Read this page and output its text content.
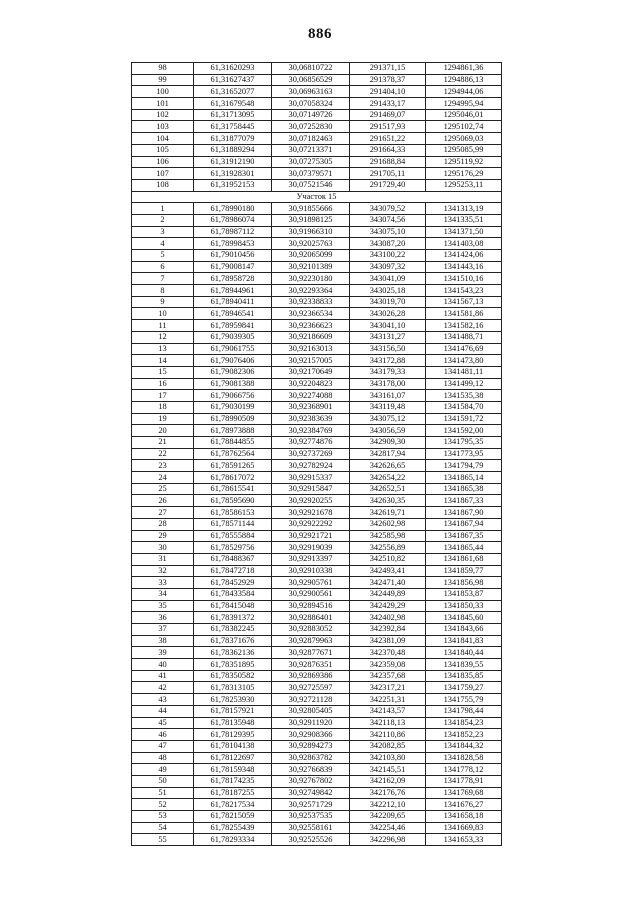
886
98	61,31620293	30,06810722	291371,15	1294861,36
99	61,31627437	30,06856529	291378,37	1294886,13
100	61,31652077	30,06963163	291404,10	1294944,06
101	61,31679548	30,07058324	291433,17	1294995,94
102	61,31713095	30,07149726	291469,07	1295046,01
103	61,31758445	30,07252830	291517,93	1295102,74
104	61,31877079	30,07182463	291651,22	1295069,03
105	61,31889294	30,07213371	291664,33	1295085,99
106	61,31912190	30,07275305	291688,84	1295119,92
107	61,31928301	30,07379571	291705,11	1295176,29
108	61,31952153	30,07521546	291729,40	1295253,11
Участок 15				
1	61,78990180	30,91855666	343079,52	1341313,19
2	61,78986074	30,91898125	343074,56	1341335,51
3	61,78987112	30,91966310	343075,10	1341371,50
4	61,78998453	30,92025763	343087,20	1341403,08
5	61,79010456	30,92065099	343100,22	1341424,06
6	61,79008147	30,92101389	343097,32	1341443,16
7	61,78958728	30,92230180	343041,09	1341510,16
8	61,78944961	30,92293364	343025,18	1341543,23
9	61,78940411	30,92338833	343019,70	1341567,13
10	61,78946541	30,92366534	343026,28	1341581,86
11	61,78959841	30,92366623	343041,10	1341582,16
12	61,79039305	30,92186609	343131,27	1341488,71
13	61,79061755	30,92163013	343156,50	1341476,69
14	61,79076406	30,92157005	343172,88	1341473,80
15	61,79082306	30,92170649	343179,33	1341481,11
16	61,79081388	30,92204823	343178,00	1341499,12
17	61,79066756	30,92274088	343161,07	1341535,38
18	61,79030199	30,92368901	343119,48	1341584,70
19	61,78990509	30,92383639	343075,12	1341591,72
20	61,78973888	30,92384769	343056,59	1341592,00
21	61,78844855	30,92774876	342909,30	1341795,35
22	61,78762564	30,92737269	342817,94	1341773,95
23	61,78591265	30,92782924	342626,65	1341794,79
24	61,78617072	30,92915337	342654,22	1341865,14
25	61,78615541	30,92915847	342652,51	1341865,38
26	61,78595690	30,92920255	342630,35	1341867,33
27	61,78586153	30,92921678	342619,71	1341867,90
28	61,78571144	30,92922292	342602,98	1341867,94
29	61,78555884	30,92921721	342585,98	1341867,35
30	61,78529756	30,92919039	342556,89	1341865,44
31	61,78488367	30,92913397	342510,82	1341861,68
32	61,78472718	30,92910338	342493,41	1341859,77
33	61,78452929	30,92905761	342471,40	1341856,98
34	61,78433584	30,92900561	342449,89	1341853,87
35	61,78415048	30,92894516	342429,29	1341850,33
36	61,78391372	30,92886401	342402,98	1341845,60
37	61,78382245	30,92883052	342392,84	1341843,66
38	61,78371676	30,92879963	342381,09	1341841,83
39	61,78362136	30,92877671	342370,48	1341840,44
40	61,78351895	30,92876351	342359,08	1341839,55
41	61,78350582	30,92869386	342357,68	1341835,85
42	61,78313105	30,92725597	342317,21	1341759,27
43	61,78253930	30,92721128	342251,31	1341755,79
44	61,78157921	30,92805405	342143,57	1341798,44
45	61,78135948	30,92911920	342118,13	1341854,23
46	61,78129395	30,92908366	342110,86	1341852,23
47	61,78104138	30,92894273	342082,85	1341844,32
48	61,78122697	30,92863782	342103,80	1341828,58
49	61,78159348	30,92766839	342145,51	1341778,12
50	61,78174235	30,92767802	342162,09	1341778,91
51	61,78187255	30,92749842	342176,76	1341769,68
52	61,78217534	30,92571729	342212,10	1341676,27
53	61,78215059	30,92537535	342209,65	1341658,18
54	61,78255439	30,92558161	342254,46	1341669,83
55	61,78293334	30,92525526	342296,98	1341653,33
